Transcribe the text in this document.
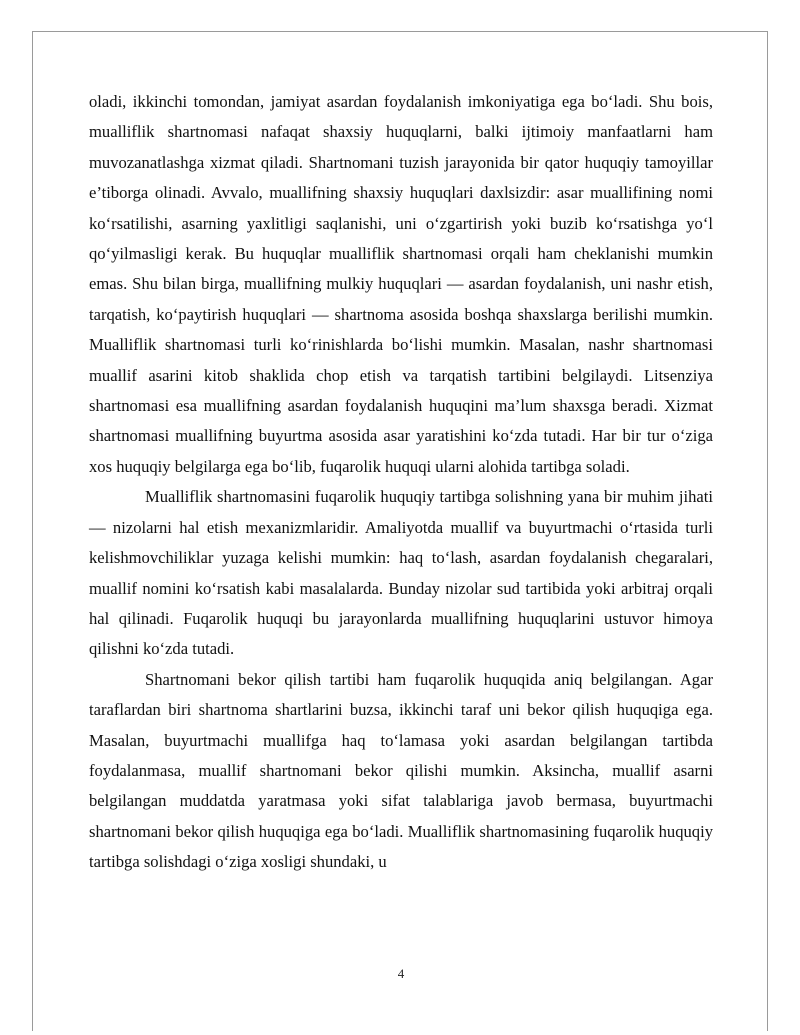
oladi, ikkinchi tomondan, jamiyat asardan foydalanish imkoniyatiga ega bo‘ladi. Shu bois, mualliflik shartnomasi nafaqat shaxsiy huquqlarni, balki ijtimoiy manfaatlarni ham muvozanatlashga xizmat qiladi. Shartnomani tuzish jarayonida bir qator huquqiy tamoyillar e’tiborga olinadi. Avvalo, muallifning shaxsiy huquqlari daxlsizdir: asar muallifining nomi ko‘rsatilishi, asarning yaxlitligi saqlanishi, uni o‘zgartirish yoki buzib ko‘rsatishga yo‘l qo‘yilmasligi kerak. Bu huquqlar mualliflik shartnomasi orqali ham cheklanishi mumkin emas. Shu bilan birga, muallifning mulkiy huquqlari — asardan foydalanish, uni nashr etish, tarqatish, ko‘paytirish huquqlari — shartnoma asosida boshqa shaxslarga berilishi mumkin. Mualliflik shartnomasi turli ko‘rinishlarda bo‘lishi mumkin. Masalan, nashr shartnomasi muallif asarini kitob shaklida chop etish va tarqatish tartibini belgilaydi. Litsenziya shartnomasi esa muallifning asardan foydalanish huquqini ma’lum shaxsga beradi. Xizmat shartnomasi muallifning buyurtma asosida asar yaratishini ko‘zda tutadi. Har bir tur o‘ziga xos huquqiy belgilarga ega bo‘lib, fuqarolik huquqi ularni alohida tartibga soladi.

Mualliflik shartnomasini fuqarolik huquqiy tartibga solishning yana bir muhim jihati — nizolarni hal etish mexanizmlaridir. Amaliyotda muallif va buyurtmachi o‘rtasida turli kelishmovchiliklar yuzaga kelishi mumkin: haq to‘lash, asardan foydalanish chegaralari, muallif nomini ko‘rsatish kabi masalalarda. Bunday nizolar sud tartibida yoki arbitraj orqali hal qilinadi. Fuqarolik huquqi bu jarayonlarda muallifning huquqlarini ustuvor himoya qilishni ko‘zda tutadi.

Shartnomani bekor qilish tartibi ham fuqarolik huquqida aniq belgilangan. Agar taraflardan biri shartnoma shartlarini buzsa, ikkinchi taraf uni bekor qilish huquqiga ega. Masalan, buyurtmachi muallifga haq to‘lamasa yoki asardan belgilangan tartibda foydalanmasa, muallif shartnomani bekor qilishi mumkin. Aksincha, muallif asarni belgilangan muddatda yaratmasa yoki sifat talablariga javob bermasa, buyurtmachi shartnomani bekor qilish huquqiga ega bo‘ladi. Mualliflik shartnomasining fuqarolik huquqiy tartibga solishdagi o‘ziga xosligi shundaki, u

4
